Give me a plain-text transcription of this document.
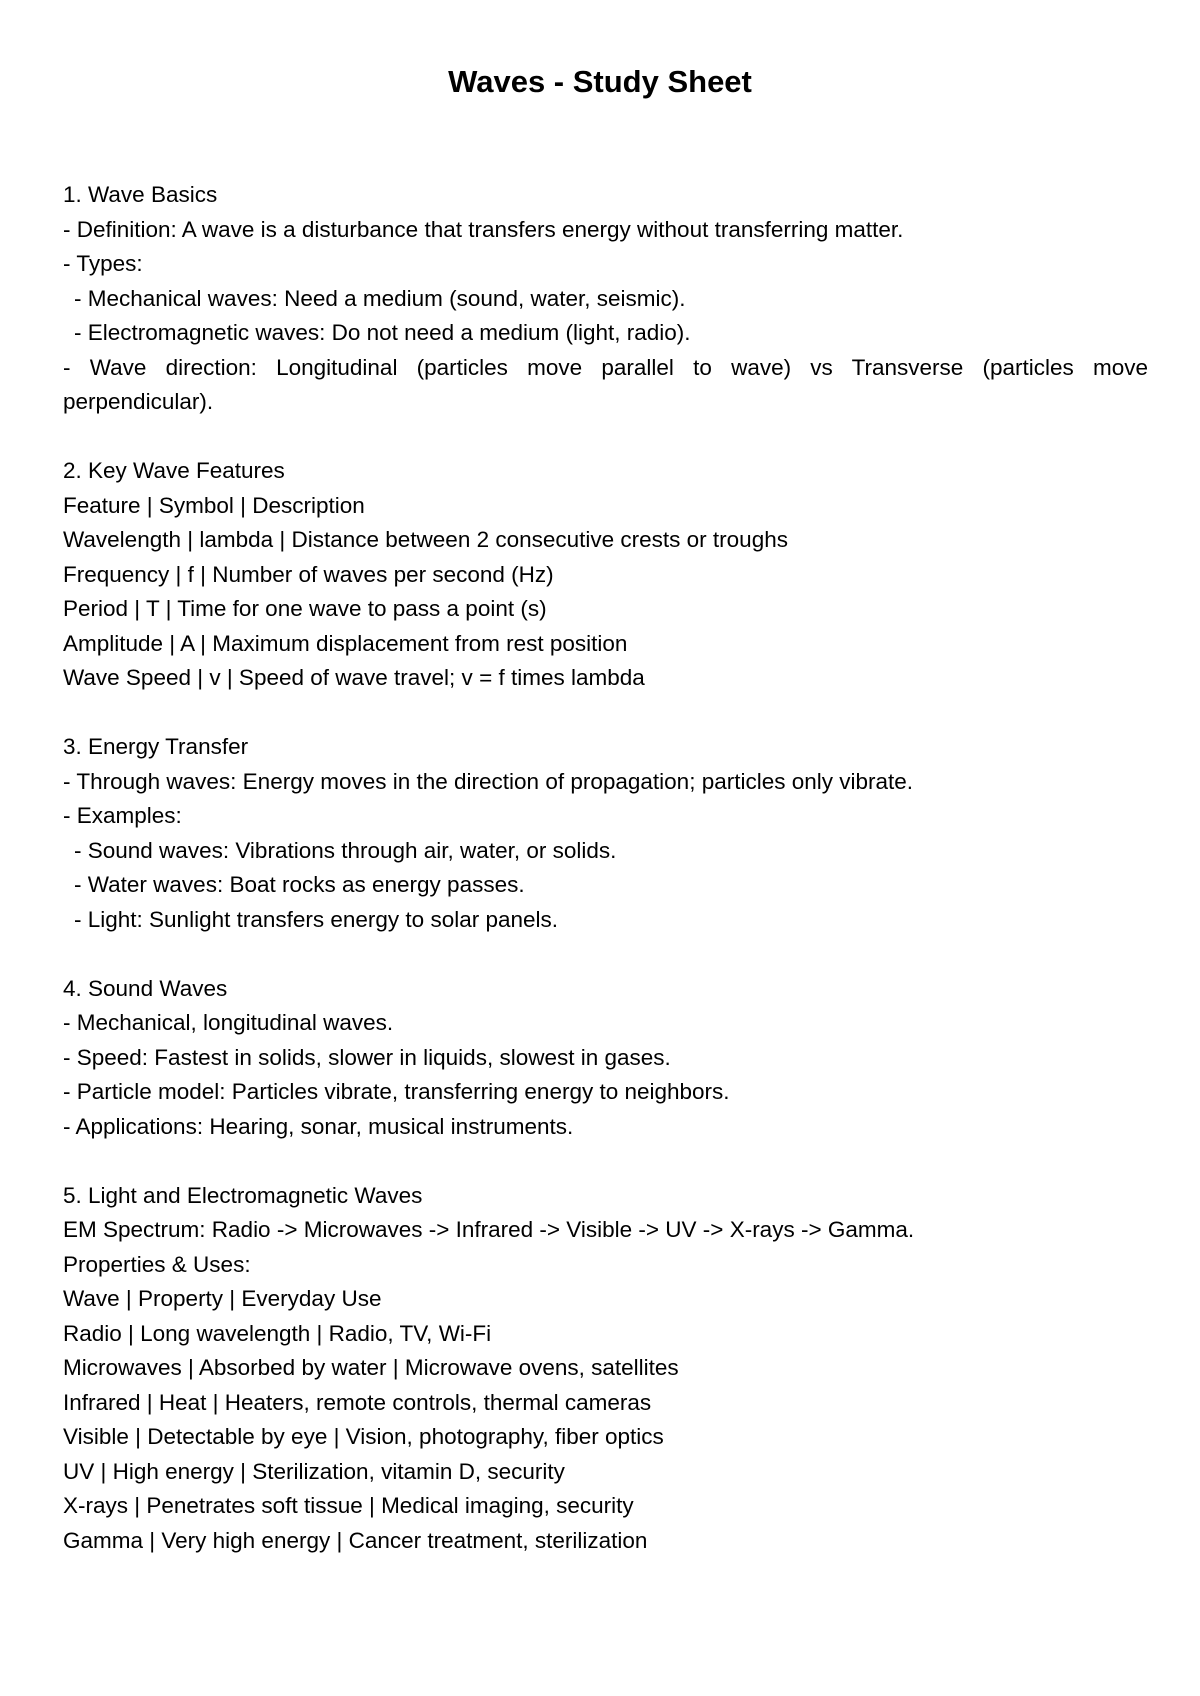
Waves - Study Sheet

1. Wave Basics

- Definition: A wave is a disturbance that transfers energy without transferring matter.

- Types:

- Mechanical waves: Need a medium (sound, water, seismic).

- Electromagnetic waves: Do not need a medium (light, radio).

- Wave direction: Longitudinal (particles move parallel to wave) vs Transverse (particles move perpendicular).

2. Key Wave Features

Feature | Symbol | Description

Wavelength | lambda | Distance between 2 consecutive crests or troughs

Frequency | f | Number of waves per second (Hz)

Period | T | Time for one wave to pass a point (s)

Amplitude | A | Maximum displacement from rest position

Wave Speed | v | Speed of wave travel; v = f times lambda

3. Energy Transfer

- Through waves: Energy moves in the direction of propagation; particles only vibrate.

- Examples:

- Sound waves: Vibrations through air, water, or solids.

- Water waves: Boat rocks as energy passes.

- Light: Sunlight transfers energy to solar panels.

4. Sound Waves

- Mechanical, longitudinal waves.

- Speed: Fastest in solids, slower in liquids, slowest in gases.

- Particle model: Particles vibrate, transferring energy to neighbors.

- Applications: Hearing, sonar, musical instruments.

5. Light and Electromagnetic Waves

EM Spectrum: Radio -> Microwaves -> Infrared -> Visible -> UV -> X-rays -> Gamma.

Properties & Uses:

Wave | Property | Everyday Use

Radio | Long wavelength | Radio, TV, Wi-Fi

Microwaves | Absorbed by water | Microwave ovens, satellites

Infrared | Heat | Heaters, remote controls, thermal cameras

Visible | Detectable by eye | Vision, photography, fiber optics

UV | High energy | Sterilization, vitamin D, security

X-rays | Penetrates soft tissue | Medical imaging, security

Gamma | Very high energy | Cancer treatment, sterilization
